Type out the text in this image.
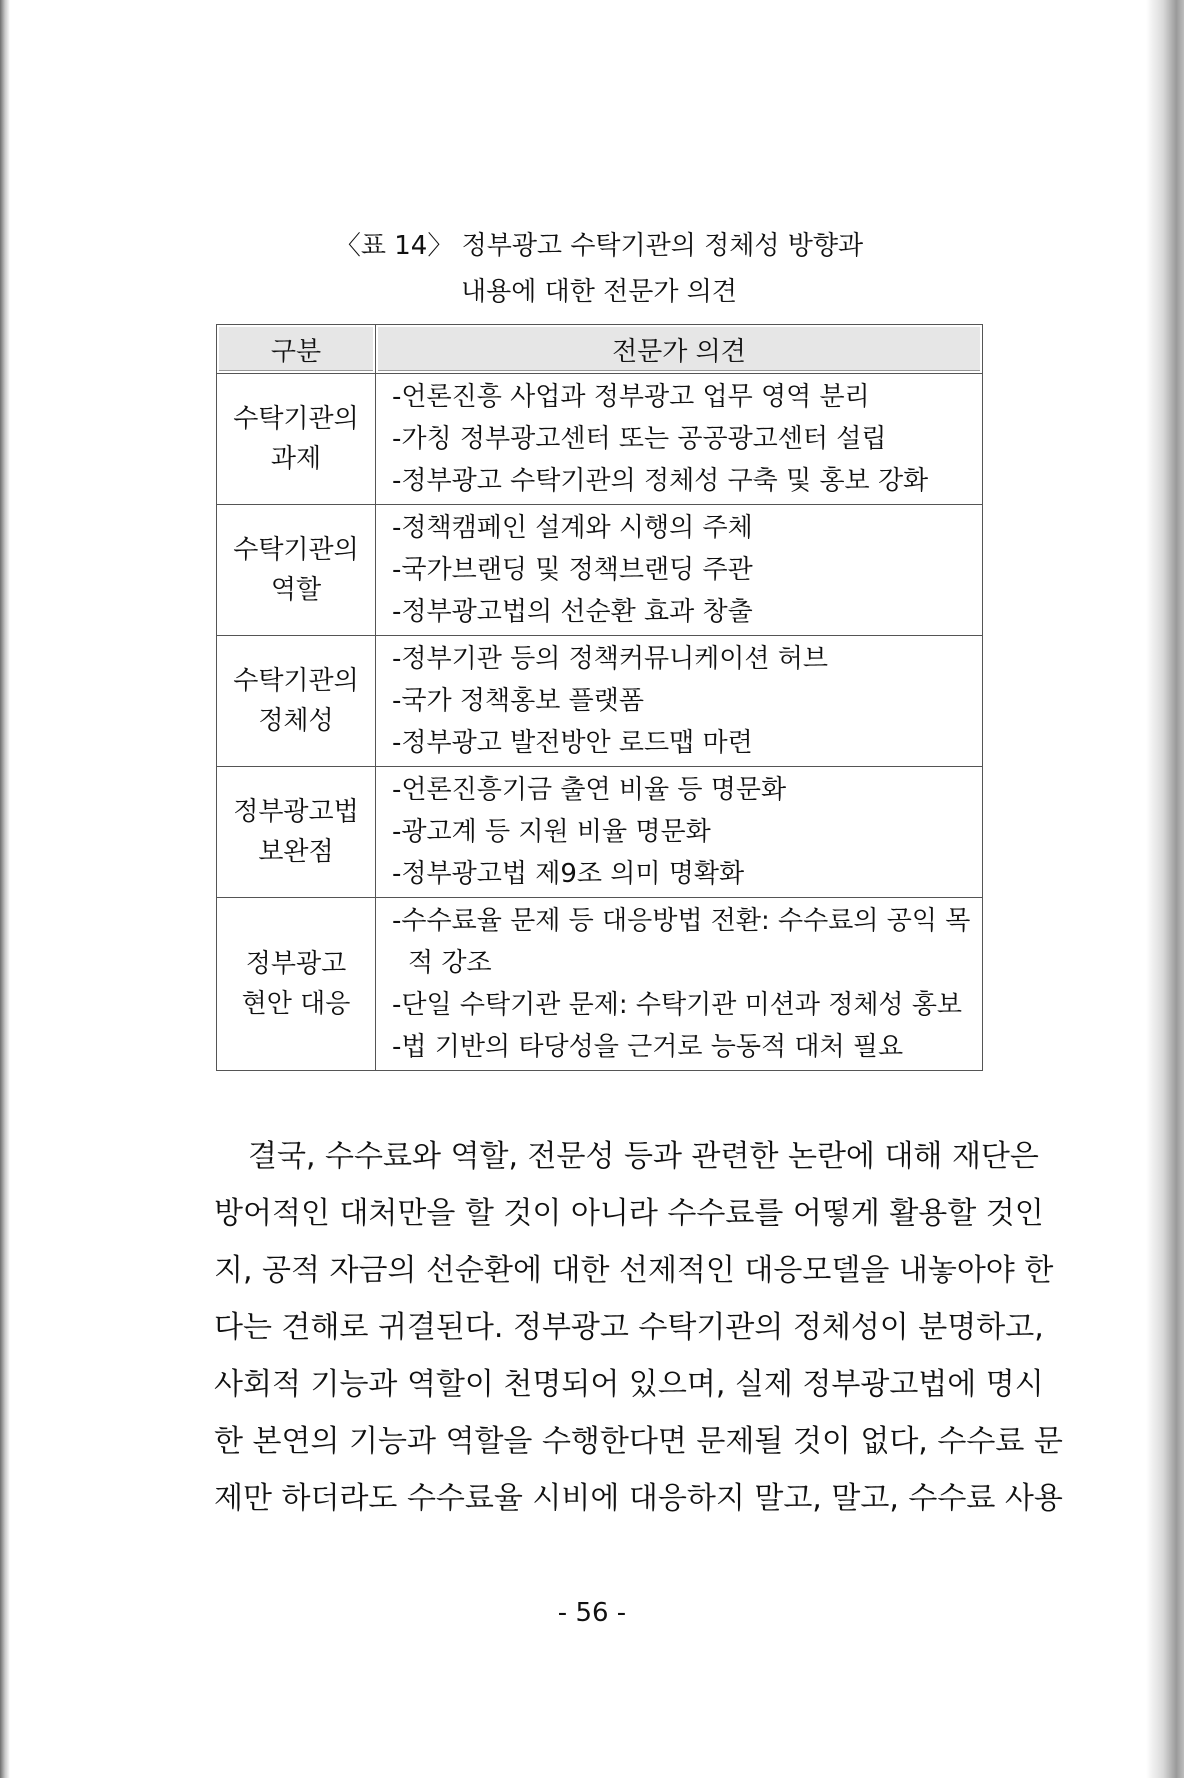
〈표 14〉 정부광고 수탁기관의 정체성 방향과
내용에 대한 전문가 의견
구분	전문가 의견

수탁기관의
과제	-언론진흥 사업과 정부광고 업무 영역 분리
-가칭 정부광고센터 또는 공공광고센터 설립
-정부광고 수탁기관의 정체성 구축 및 홍보 강화

수탁기관의
역할	-정책캠페인 설계와 시행의 주체
-국가브랜딩 및 정책브랜딩 주관
-정부광고법의 선순환 효과 창출

수탁기관의
정체성	-정부기관 등의 정책커뮤니케이션 허브
-국가 정책홍보 플랫폼
-정부광고 발전방안 로드맵 마련

정부광고법
보완점	-언론진흥기금 출연 비율 등 명문화
-광고계 등 지원 비율 명문화
-정부광고법 제9조 의미 명확화

정부광고
현안 대응	-수수료율 문제 등 대응방법 전환: 수수료의 공익 목
적 강조
-단일 수탁기관 문제: 수탁기관 미션과 정체성 홍보
-법 기반의 타당성을 근거로 능동적 대처 필요
결국, 수수료와 역할, 전문성 등과 관련한 논란에 대해 재단은
방어적인 대처만을 할 것이 아니라 수수료를 어떻게 활용할 것인
지, 공적 자금의 선순환에 대한 선제적인 대응모델을 내놓아야 한
다는 견해로 귀결된다. 정부광고 수탁기관의 정체성이 분명하고,
사회적 기능과 역할이 천명되어 있으며, 실제 정부광고법에 명시
한 본연의 기능과 역할을 수행한다면 문제될 것이 없다, 수수료 문
제만 하더라도 수수료율 시비에 대응하지 말고, 말고, 수수료 사용
- 56 -
